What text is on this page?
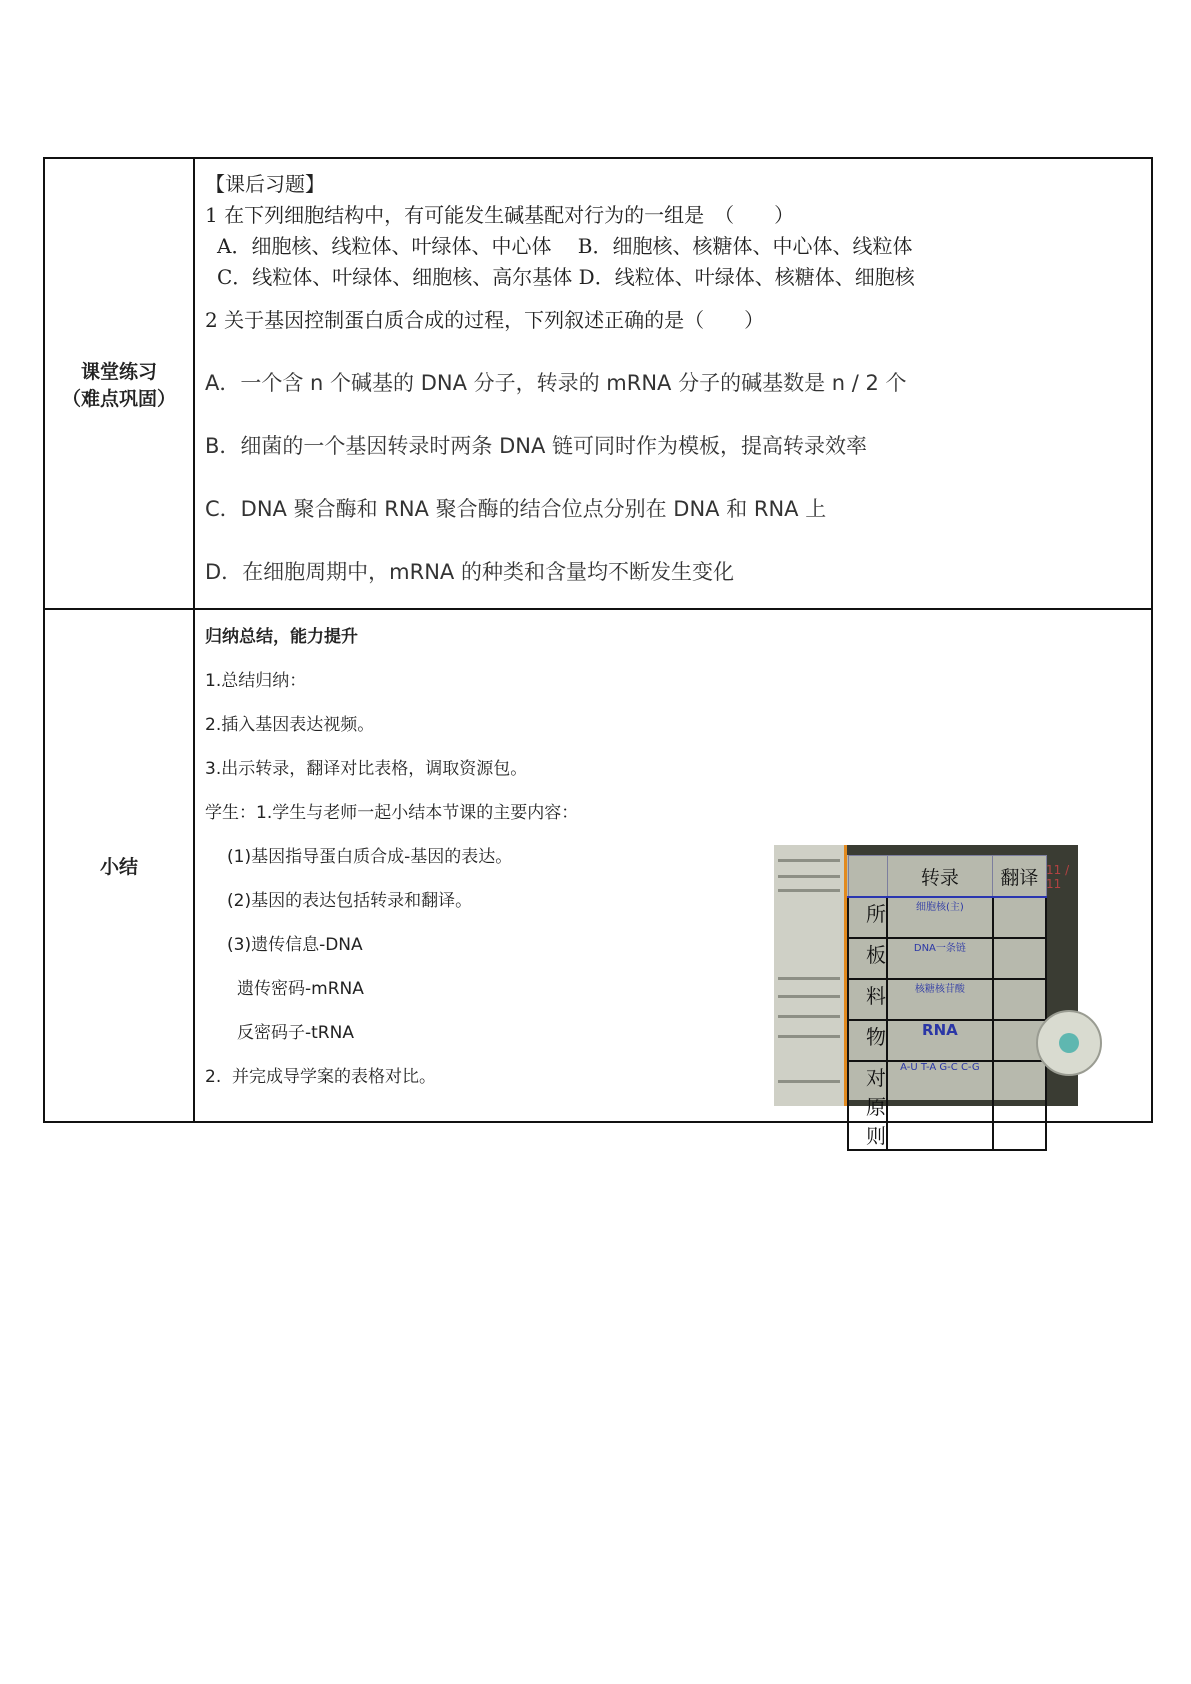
课堂练习
（难点巩固）

【课后习题】
1 在下列细胞结构中，有可能发生碱基配对行为的一组是　（　　）
A．细胞核、线粒体、叶绿体、中心体　 B．细胞核、核糖体、中心体、线粒体
C．线粒体、叶绿体、细胞核、高尔基体 D．线粒体、叶绿体、核糖体、细胞核
2 关于基因控制蛋白质合成的过程，下列叙述正确的是（　　）
A．一个含 n 个碱基的 DNA 分子，转录的 mRNA 分子的碱基数是 n / 2 个
B．细菌的一个基因转录时两条 DNA 链可同时作为模板，提高转录效率
C．DNA 聚合酶和 RNA 聚合酶的结合位点分别在 DNA 和 RNA 上
D．在细胞周期中，mRNA 的种类和含量均不断发生变化

小结

归纳总结，能力提升
1.总结归纳：
2.插入基因表达视频。
3.出示转录，翻译对比表格，调取资源包。
学生：1.学生与老师一起小结本节课的主要内容：
(1)基因指导蛋白质合成-基因的表达。
(2)基因的表达包括转录和翻译。
(3)遗传信息-DNA
遗传密码-mRNA
反密码子-tRNA
2.  并完成导学案的表格对比。
	转录	翻译
所	细胞核(主)	
板	DNA一条链	
料	核糖核苷酸	
物	RNA	
对原则	A-U T-A G-C C-G	
11 / 11
